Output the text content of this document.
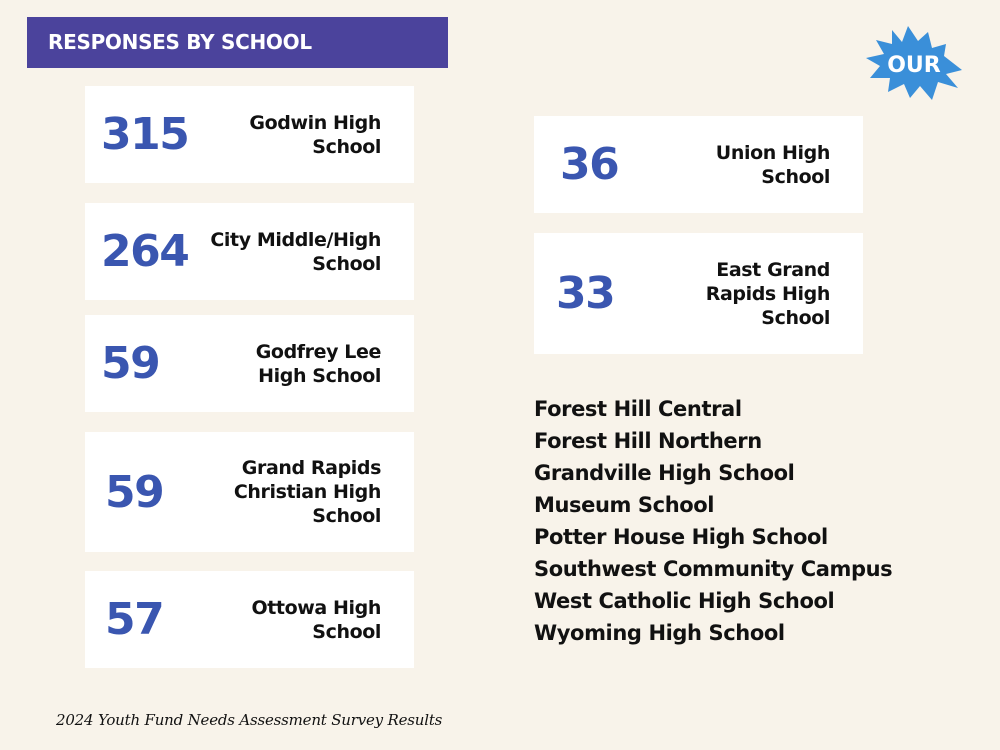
RESPONSES BY SCHOOL
OUR
315	Godwin High
School
264 City Middle/High
School
59	Godfrey Lee
High School
59	Grand Rapids
Christian High
School
57	Ottowa High
School
36	Union High
School
33	East Grand
Rapids High
School
Forest Hill Central
Forest Hill Northern
Grandville High School
Museum School
Potter House High School
Southwest Community Campus
West Catholic High School
Wyoming High School
2024 Youth Fund Needs Assessment Survey Results
